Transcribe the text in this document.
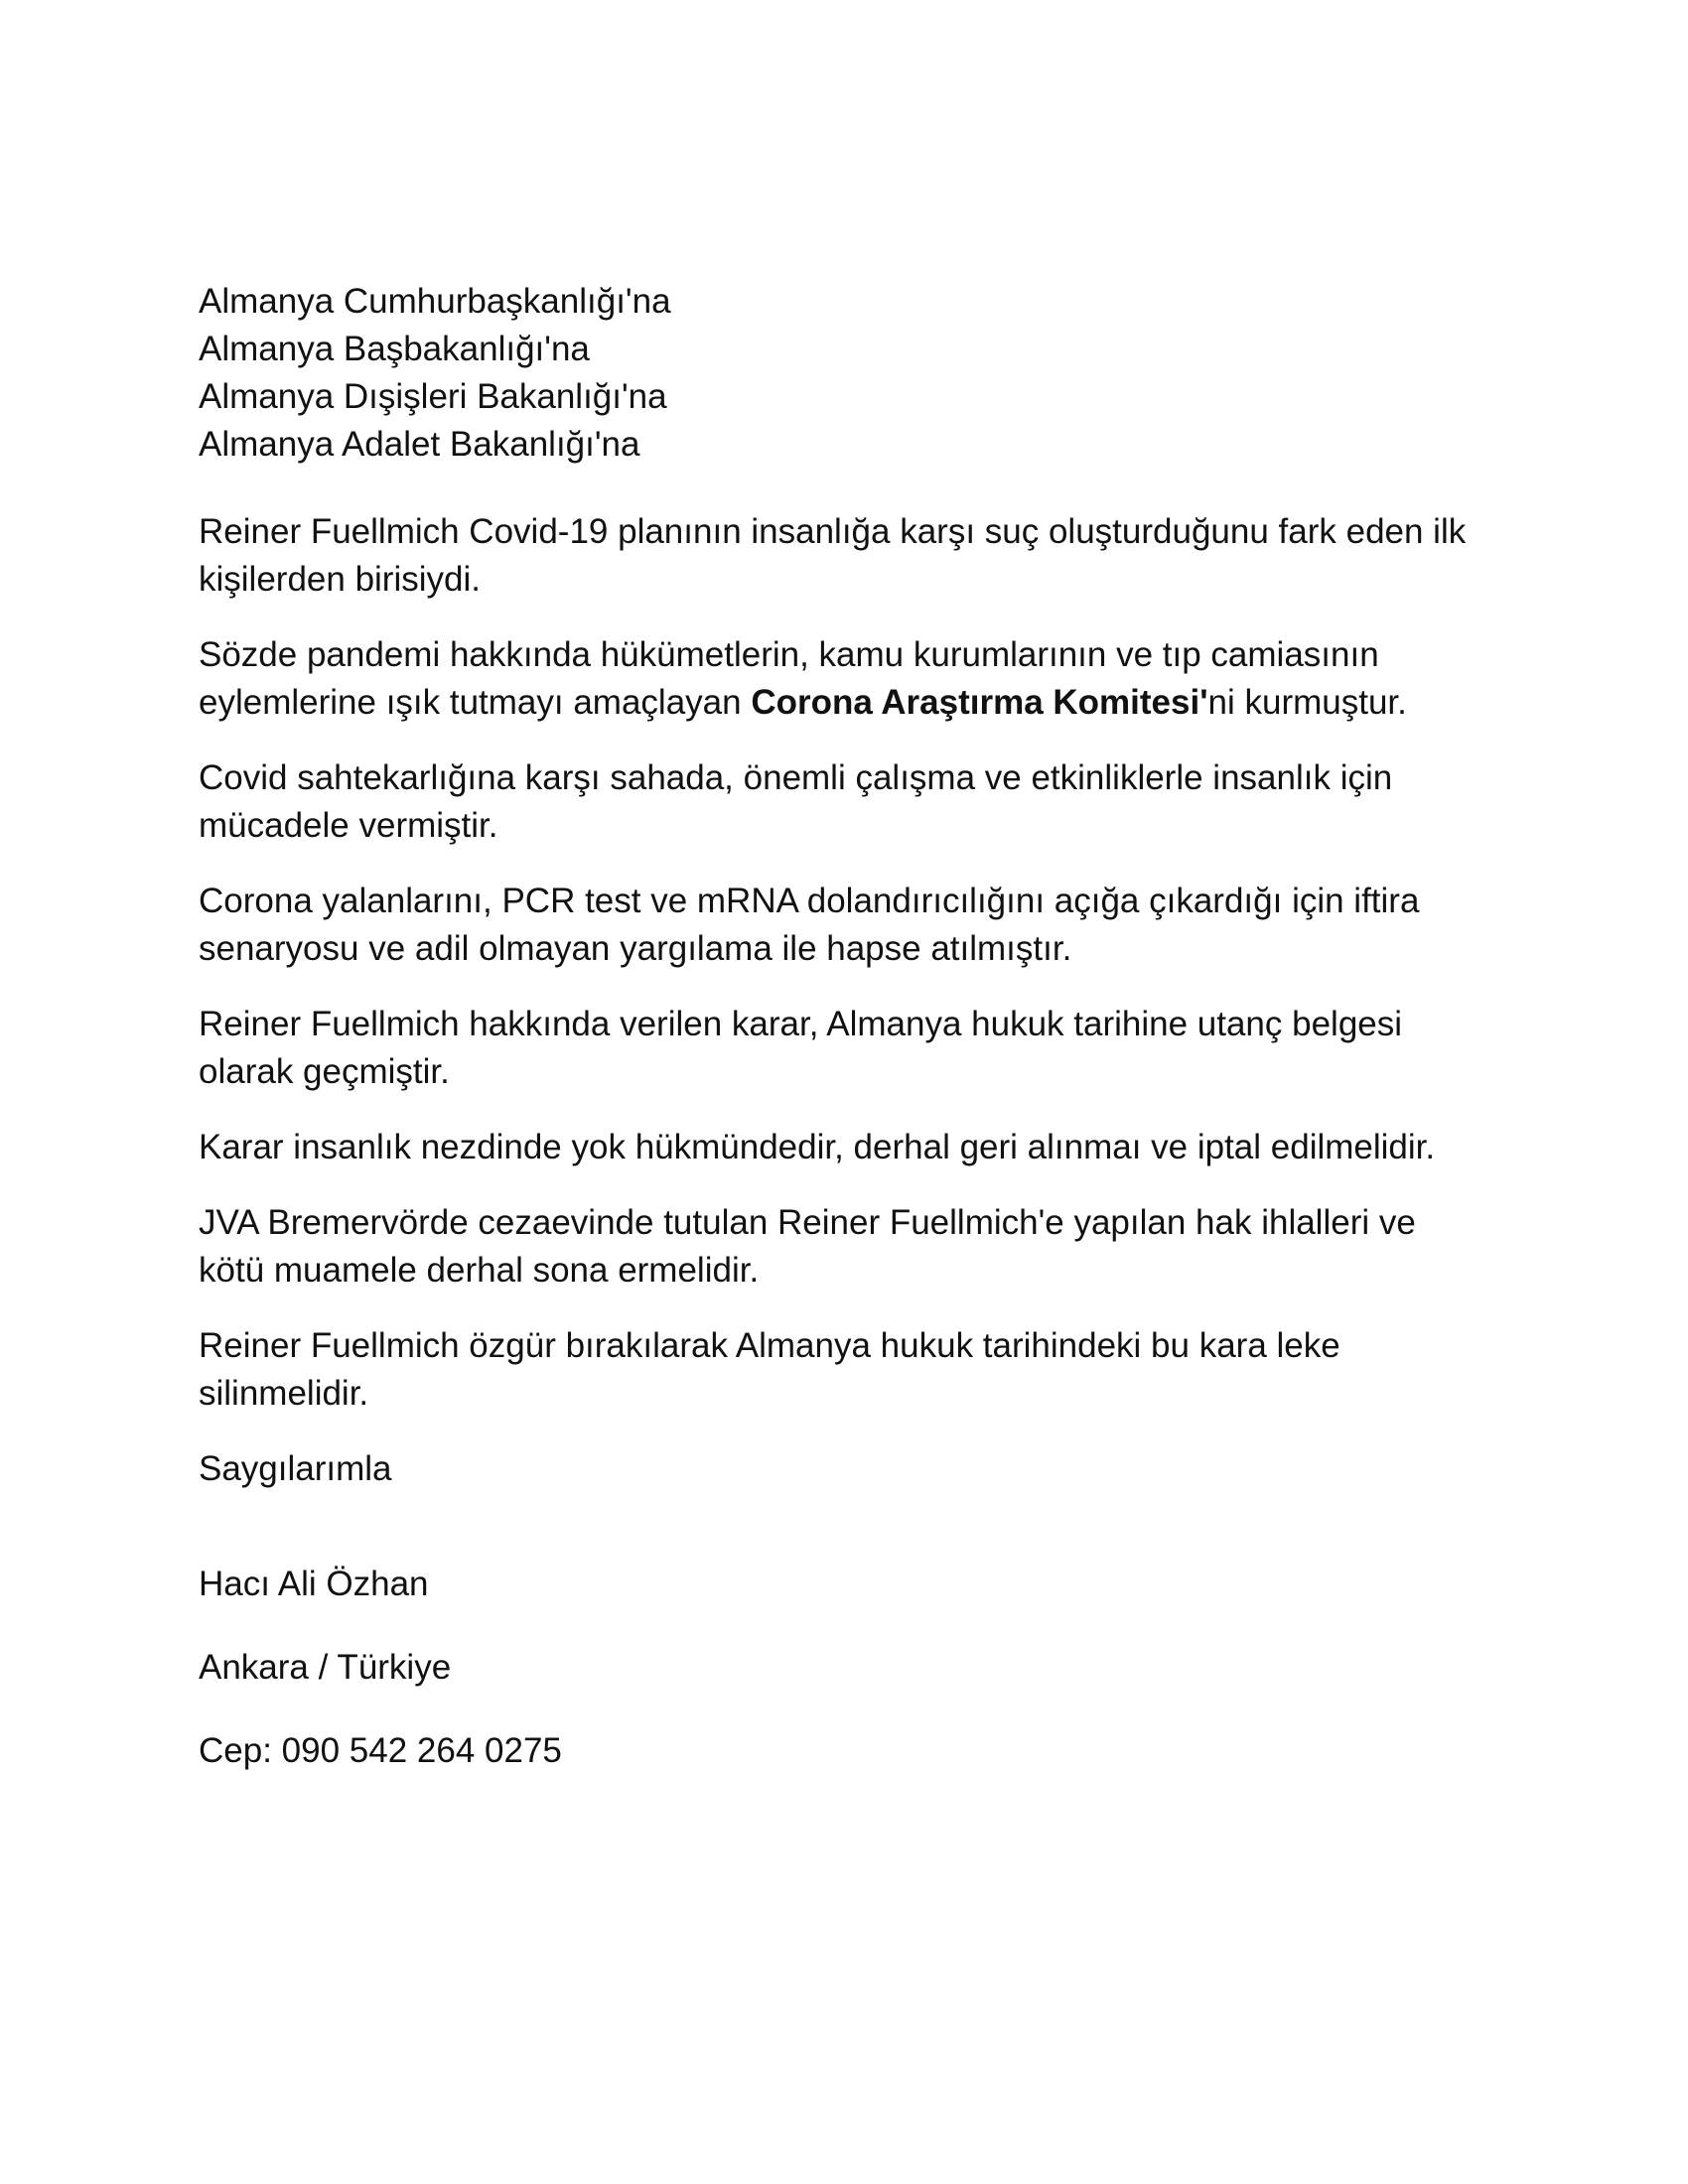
Almanya Cumhurbaşkanlığı'na
Almanya Başbakanlığı'na
Almanya Dışişleri Bakanlığı'na
Almanya Adalet Bakanlığı'na

Reiner Fuellmich Covid-19 planının insanlığa karşı suç oluşturduğunu fark eden ilk kişilerden birisiydi.

Sözde pandemi hakkında hükümetlerin, kamu kurumlarının ve tıp camiasının eylemlerine ışık tutmayı amaçlayan Corona Araştırma Komitesi'ni kurmuştur.

Covid sahtekarlığına karşı sahada, önemli çalışma ve etkinliklerle insanlık için mücadele vermiştir.

Corona yalanlarını, PCR test ve mRNA dolandırıcılığını açığa çıkardığı için iftira senaryosu ve adil olmayan yargılama ile hapse atılmıştır.

Reiner Fuellmich hakkında verilen karar, Almanya hukuk tarihine utanç belgesi olarak geçmiştir.

Karar insanlık nezdinde yok hükmündedir, derhal geri alınmaı ve iptal edilmelidir.

JVA Bremervörde cezaevinde tutulan Reiner Fuellmich'e yapılan hak ihlalleri ve kötü muamele derhal sona ermelidir.

Reiner Fuellmich özgür bırakılarak Almanya hukuk tarihindeki bu kara leke silinmelidir.

Saygılarımla

Hacı Ali Özhan

Ankara / Türkiye

Cep: 090 542 264 0275
